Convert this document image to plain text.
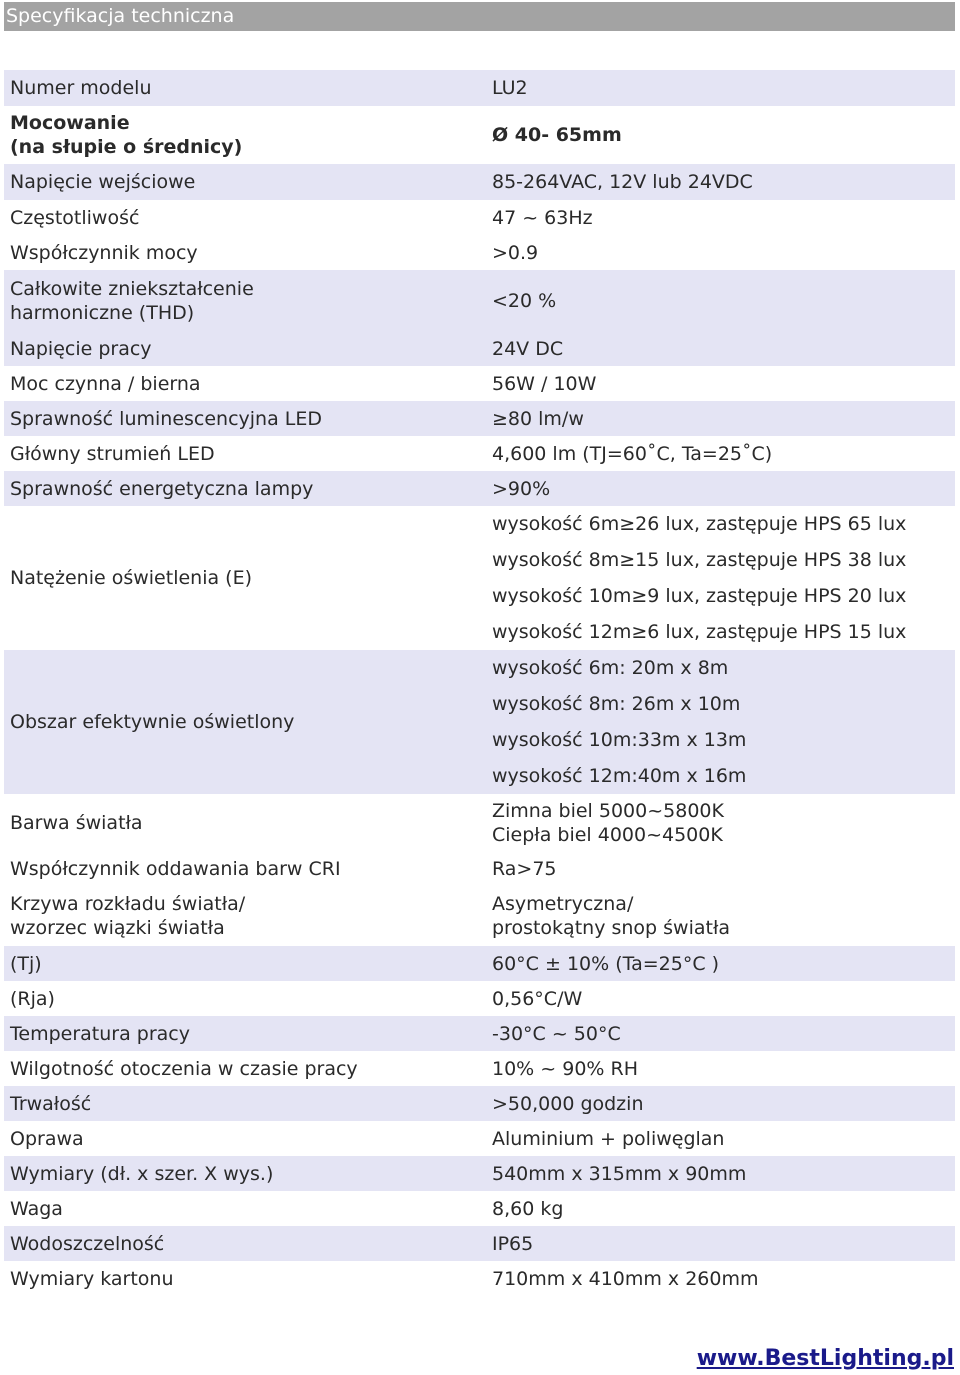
Specyfikacja techniczna
Numer modelu	LU2

Mocowanie
(na słupie o średnicy)	Ø 40- 65mm

Napięcie wejściowe	85-264VAC, 12V lub 24VDC

Częstotliwość	47 ~ 63Hz

Współczynnik mocy	>0.9

Całkowite zniekształcenie
harmoniczne (THD)	<20 %

Napięcie pracy	24V DC

Moc czynna / bierna	56W / 10W

Sprawność luminescencyjna LED	≥80 lm/w

Główny strumień LED	4,600 lm (TJ=60˚C, Ta=25˚C)

Sprawność energetyczna lampy	>90%

Natężenie oświetlenia (E)	wysokość 6m≥26 lux, zastępuje HPS 65 lux
wysokość 8m≥15 lux, zastępuje HPS 38 lux
wysokość 10m≥9 lux, zastępuje HPS 20 lux
wysokość 12m≥6 lux, zastępuje HPS 15 lux

Obszar efektywnie oświetlony	wysokość 6m: 20m x 8m
wysokość 8m: 26m x 10m
wysokość 10m:33m x 13m
wysokość 12m:40m x 16m

Barwa światła	Zimna biel 5000~5800K
Ciepła biel 4000~4500K

Współczynnik oddawania barw CRI	Ra>75

Krzywa rozkładu światła/
wzorzec wiązki światła	Asymetryczna/
prostokątny snop światła

(Tj)	60°C ± 10% (Ta=25°C )

(Rja)	0,56°C/W

Temperatura pracy	-30°C ~ 50°C

Wilgotność otoczenia w czasie pracy	10% ~ 90% RH

Trwałość	>50,000 godzin

Oprawa	Aluminium + poliwęglan

Wymiary (dł. x szer. X wys.)	540mm x 315mm x 90mm

Waga	8,60 kg

Wodoszczelność	IP65

Wymiary kartonu	710mm x 410mm x 260mm
www.BestLighting.pl
